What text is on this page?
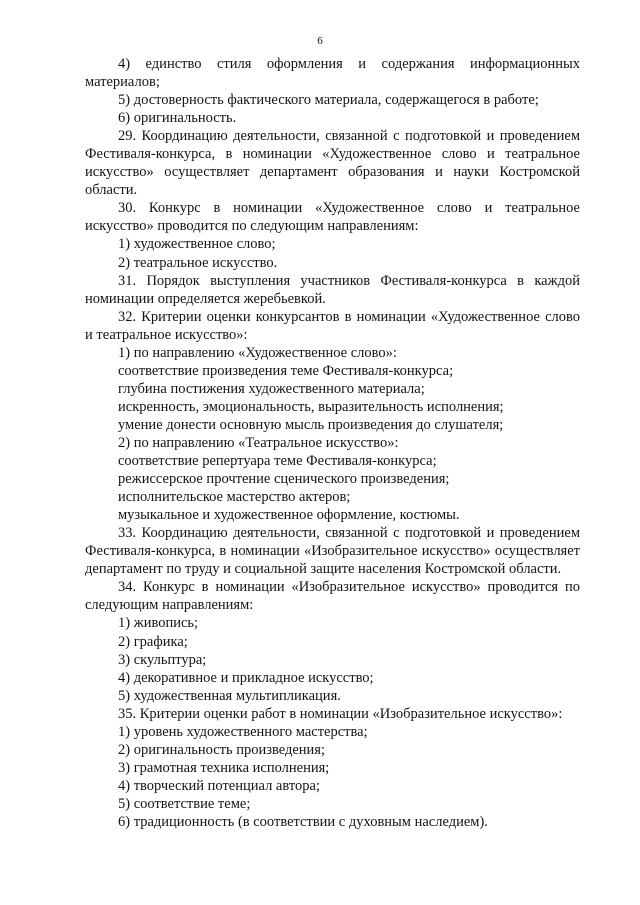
6

4) единство стиля оформления и содержания информационных материалов;

5) достоверность фактического материала, содержащегося в работе;

6) оригинальность.

29. Координацию деятельности, связанной с подготовкой и проведением Фестиваля-конкурса, в номинации «Художественное слово и театральное искусство» осуществляет департамент образования и науки Костромской области.

30. Конкурс в номинации «Художественное слово и театральное искусство» проводится по следующим направлениям:

1) художественное слово;

2) театральное искусство.

31. Порядок выступления участников Фестиваля-конкурса в каждой номинации определяется жеребьевкой.

32. Критерии оценки конкурсантов в номинации «Художественное слово и театральное искусство»:

1) по направлению «Художественное слово»:

соответствие произведения теме Фестиваля-конкурса;

глубина постижения художественного материала;

искренность, эмоциональность, выразительность исполнения;

умение донести основную мысль произведения до слушателя;

2) по направлению «Театральное искусство»:

соответствие репертуара теме Фестиваля-конкурса;

режиссерское прочтение сценического произведения;

исполнительское мастерство актеров;

музыкальное и художественное оформление, костюмы.

33. Координацию деятельности, связанной с подготовкой и проведением Фестиваля-конкурса, в номинации «Изобразительное искусство» осуществляет департамент по труду и социальной защите населения Костромской области.

34. Конкурс в номинации «Изобразительное искусство» проводится по следующим направлениям:

1) живопись;

2) графика;

3) скульптура;

4) декоративное и прикладное искусство;

5) художественная мультипликация.

35. Критерии оценки работ в номинации «Изобразительное искусство»:

1) уровень художественного мастерства;

2) оригинальность произведения;

3) грамотная техника исполнения;

4) творческий потенциал автора;

5) соответствие теме;

6) традиционность (в соответствии с духовным наследием).
